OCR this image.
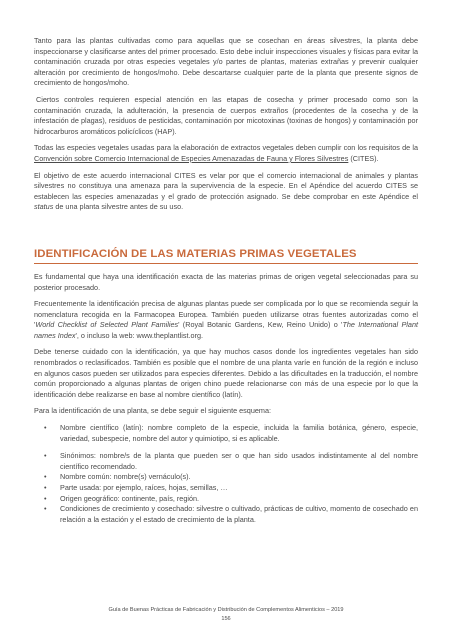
Tanto para las plantas cultivadas como para aquellas que se cosechan en áreas silvestres, la planta debe inspeccionarse y clasificarse antes del primer procesado. Esto debe incluir inspecciones visuales y físicas para evitar la contaminación cruzada por otras especies vegetales y/o partes de plantas, materias extrañas y prevenir cualquier alteración por crecimiento de hongos/moho. Debe descartarse cualquier parte de la planta que presente signos de crecimiento de hongos/moho.

Ciertos controles requieren especial atención en las etapas de cosecha y primer procesado como son la contaminación cruzada, la adulteración, la presencia de cuerpos extraños (procedentes de la cosecha y de la infestación de plagas), residuos de pesticidas, contaminación por micotoxinas (toxinas de hongos) y contaminación por hidrocarburos aromáticos policíclicos (HAP).

Todas las especies vegetales usadas para la elaboración de extractos vegetales deben cumplir con los requisitos de la Convención sobre Comercio Internacional de Especies Amenazadas de Fauna y Flores Silvestres (CITES).

El objetivo de este acuerdo internacional CITES es velar por que el comercio internacional de animales y plantas silvestres no constituya una amenaza para la supervivencia de la especie. En el Apéndice del acuerdo CITES se establecen las especies amenazadas y el grado de protección asignado. Se debe comprobar en este Apéndice el status de una planta silvestre antes de su uso.

IDENTIFICACIÓN DE LAS MATERIAS PRIMAS VEGETALES

Es fundamental que haya una identificación exacta de las materias primas de origen vegetal seleccionadas para su posterior procesado.

Frecuentemente la identificación precisa de algunas plantas puede ser complicada por lo que se recomienda seguir la nomenclatura recogida en la Farmacopea Europea. También pueden utilizarse otras fuentes autorizadas como el 'World Checklist of Selected Plant Families' (Royal Botanic Gardens, Kew, Reino Unido) o 'The International Plant names Index', o incluso la web: www.theplantlist.org.

Debe tenerse cuidado con la identificación, ya que hay muchos casos donde los ingredientes vegetales han sido renombrados o reclasificados. También es posible que el nombre de una planta varíe en función de la región e incluso en algunos casos pueden ser utilizados para especies diferentes. Debido a las dificultades en la traducción, el nombre común proporcionado a algunas plantas de origen chino puede relacionarse con más de una especie por lo que la identificación debe realizarse en base al nombre científico (latín).

Para la identificación de una planta, se debe seguir el siguiente esquema:

• Nombre científico (latín): nombre completo de la especie, incluida la familia botánica, género, especie, variedad, subespecie, nombre del autor y quimiotipo, si es aplicable.
• Sinónimos: nombre/s de la planta que pueden ser o que han sido usados indistintamente al del nombre científico recomendado.
• Nombre común: nombre(s) vernáculo(s).
• Parte usada: por ejemplo, raíces, hojas, semillas, …
• Origen geográfico: continente, país, región.
• Condiciones de crecimiento y cosechado: silvestre o cultivado, prácticas de cultivo, momento de cosechado en relación a la estación y el estado de crecimiento de la planta.
Guía de Buenas Prácticas de Fabricación y Distribución de Complementos Alimenticios – 2019
156
